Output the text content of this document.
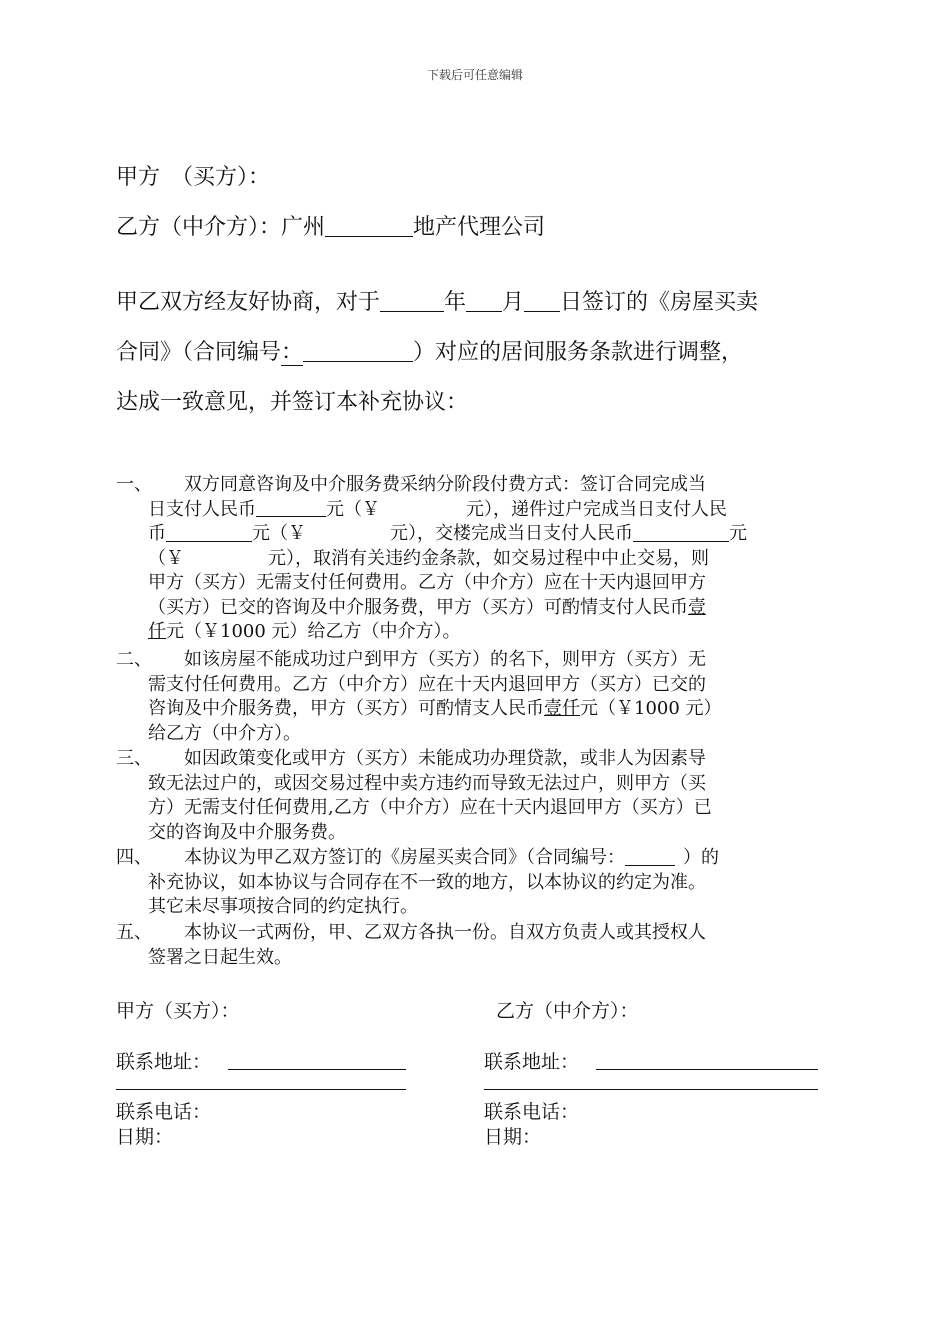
下载后可任意编辑
甲方　（买方）：
乙方（中介方）：广州	地产代理公司
甲乙双方经友好协商，对于	年 月 日签订的《房屋买卖
合同》（合同编号：	）对应的居间服务条款进行调整，
达成一致意见，并签订本补充协议：
一、 双方同意咨询及中介服务费采纳分阶段付费方式：签订合同完成当
日支付人民币	元（￥	元），递件过户完成当日支付人民
币	元（￥	元），交楼完成当日支付人民币	元
（￥	元），取消有关违约金条款，如交易过程中中止交易，则
甲方（买方）无需支付任何费用。乙方（中介方）应在十天内退回甲方
（买方）已交的咨询及中介服务费，甲方（买方）可酌情支付人民币壹
仟元（￥1000 元）给乙方（中介方）。
二、 如该房屋不能成功过户到甲方（买方）的名下，则甲方（买方）无
需支付任何费用。乙方（中介方）应在十天内退回甲方（买方）已交的
咨询及中介服务费，甲方（买方）可酌情支人民币壹仟元（￥1000 元）
给乙方（中介方）。
三、 如因政策变化或甲方（买方）未能成功办理贷款，或非人为因素导
致无法过户的，或因交易过程中卖方违约而导致无法过户，则甲方（买
方）无需支付任何费用,乙方（中介方）应在十天内退回甲方（买方）已
交的咨询及中介服务费。
四、 本协议为甲乙双方签订的《房屋买卖合同》（合同编号：	）的
补充协议，如本协议与合同存在不一致的地方，以本协议的约定为准。
其它未尽事项按合同的约定执行。
五、 本协议一式两份，甲、乙双方各执一份。自双方负责人或其授权人
签署之日起生效。
甲方（买方）：	乙方（中介方）：
联系地址：	联系地址：
联系电话：	联系电话：
日期：	日期：
